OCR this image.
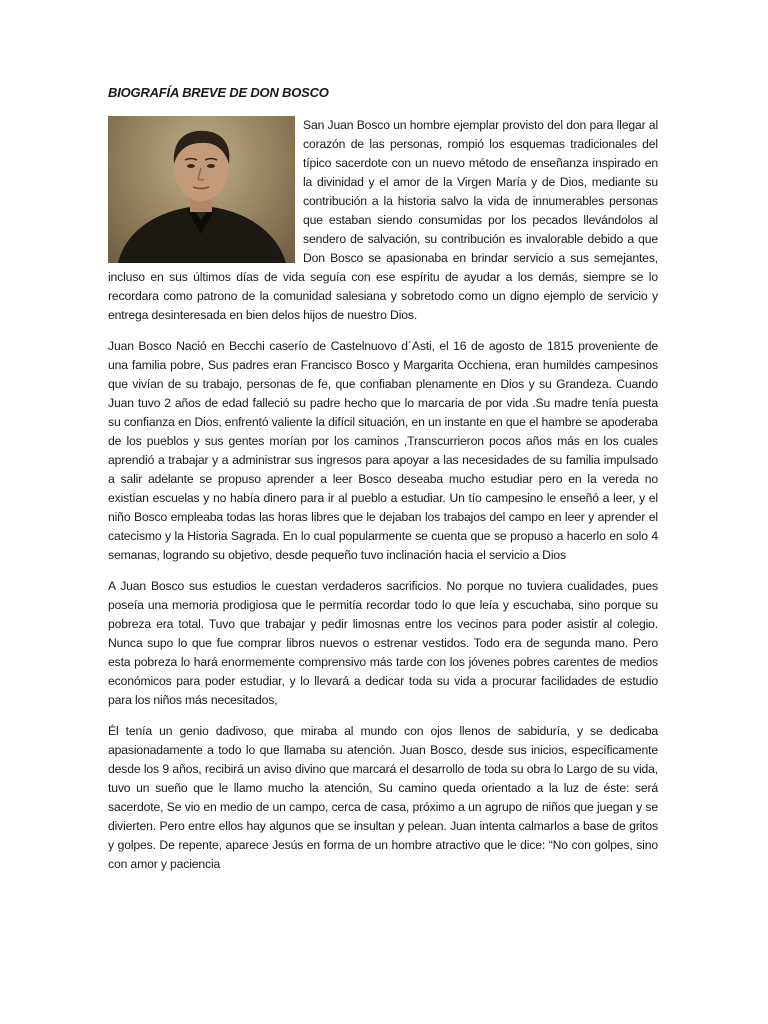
BIOGRAFÍA BREVE DE DON BOSCO
San Juan Bosco un hombre ejemplar provisto del don para llegar al corazón de las personas, rompió los esquemas tradicionales del típico sacerdote con un nuevo método de enseñanza inspirado en la divinidad y el amor de la Virgen María y de Dios, mediante su contribución a la historia salvo la vida de innumerables personas que estaban siendo consumidas por los pecados llevándolos al sendero de salvación, su contribución es invalorable debido a que Don Bosco se apasionaba en brindar servicio a sus semejantes, incluso en sus últimos días de vida seguía con ese espíritu de ayudar a los demás, siempre se lo recordara como patrono de la comunidad salesiana y sobretodo como un digno ejemplo de servicio y entrega desinteresada en bien delos hijos de nuestro Dios.
Juan Bosco Nació en Becchi caserío de Castelnuovo d´Asti, el 16 de agosto de 1815 proveniente de una familia pobre, Sus padres eran Francisco Bosco y Margarita Occhiena, eran humildes campesinos que vivían de su trabajo, personas de fe, que confiaban plenamente en Dios y su Grandeza. Cuando Juan tuvo 2 años de edad falleció su padre hecho que lo marcaria de por vida .Su madre tenía puesta su confianza en Dios, enfrentó valiente la difícil situación, en un instante en que el hambre se apoderaba de los pueblos y sus gentes morían por los caminos ,Transcurrieron pocos años más en los cuales aprendió a trabajar y a administrar sus ingresos para apoyar a las necesidades de su familia impulsado a salir adelante se propuso aprender a leer Bosco deseaba mucho estudiar pero en la vereda no existían escuelas y no había dinero para ir al pueblo a estudiar. Un tío campesino le enseñó a leer, y el niño Bosco empleaba todas las horas libres que le dejaban los trabajos del campo en leer y aprender el catecismo y la Historia Sagrada. En lo cual popularmente se cuenta que se propuso a hacerlo en solo 4 semanas, logrando su objetivo, desde pequeño tuvo inclinación hacia el servicio a Dios
A Juan Bosco sus estudios le cuestan verdaderos sacrificios. No porque no tuviera cualidades, pues poseía una memoria prodigiosa que le permitía recordar todo lo que leía y escuchaba, sino porque su pobreza era total. Tuvo que trabajar y pedir limosnas entre los vecinos para poder asistir al colegio. Nunca supo lo que fue comprar libros nuevos o estrenar vestidos. Todo era de segunda mano. Pero esta pobreza lo hará enormemente comprensivo más tarde con los jóvenes pobres carentes de medios económicos para poder estudiar, y lo llevará a dedicar toda su vida a procurar facilidades de estudio para los niños más necesitados,
Él tenía un genio dadivoso, que miraba al mundo con ojos llenos de sabiduría, y se dedicaba apasionadamente a todo lo que llamaba su atención. Juan Bosco, desde sus inicios, específicamente desde los 9 años, recibirá un aviso divino que marcará el desarrollo de toda su obra lo Largo de su vida, tuvo un sueño que le llamo mucho la atención, Su camino queda orientado a la luz de éste: será sacerdote, Se vio en medio de un campo, cerca de casa, próximo a un agrupo de niños que juegan y se divierten. Pero entre ellos hay algunos que se insultan y pelean. Juan intenta calmarlos a base de gritos y golpes. De repente, aparece Jesús en forma de un hombre atractivo que le dice: “No con golpes, sino con amor y paciencia
